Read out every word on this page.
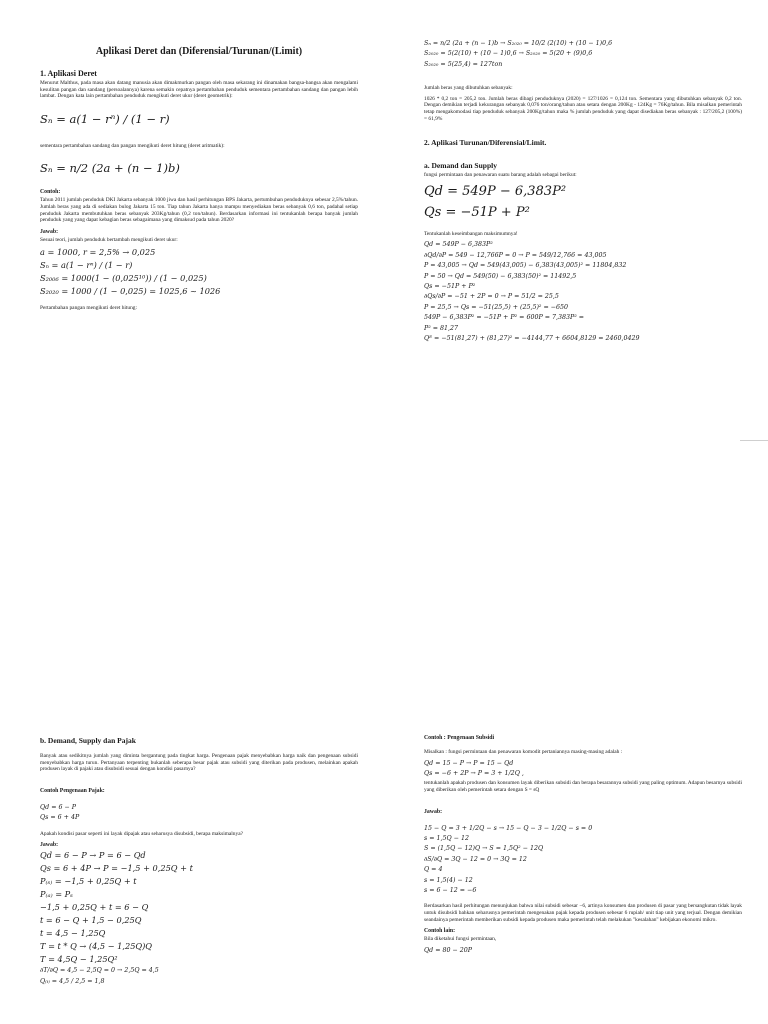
Aplikasi Deret dan (Diferensial/Turunan/(Limit)
1. Aplikasi Deret
Menurut Malthus, pada masa akan datang manusia akan dimakmurkan pangan oleh masa sekarang ini dinamakan bangsa-bangsa akan mengalami kesulitan pangan dan sandang (persoalannya) karena semakin cepatnya pertambahan penduduk sementara pertambahan sandang dan pangan lebih lambat. Dengan kata lain pertambahan penduduk mengikuti deret ukur (deret geometrik):
Sₙ = a(1 − rⁿ) / (1 − r)
sementara pertambahan sandang dan pangan mengikuti deret hitung (deret aritmatik):
Sₙ = n/2 (2a + (n − 1)b)
Contoh:
Tahun 2011 jumlah penduduk DKI Jakarta sebanyak 1000 jiwa dan hasil perhitungan BPS Jakarta, pertumbuhan penduduknya sebesar 2,5%/tahun. Jumlah beras yang ada di sediakan bulog Jakarta 15 ton. Tiap tahun Jakarta hanya mampu menyediakan beras sebanyak 0,6 ton, padahal setiap penduduk Jakarta membutuhkan beras sebanyak 203Kg/tahun (0,2 ton/tahun). Berdasarkan informasi ini tentukanlah berapa banyak jumlah penduduk yang yang dapat kebagian beras sebagaimana yang dimaksud pada tahun 2020?
Jawab:
Sesuai teori, jumlah penduduk bertambah mengikuti deret ukur:
a = 1000, r = 2,5% → 0,025
Sₙ = a(1 − rⁿ) / (1 − r)
S₂₀₀₆ = 1000(1 − (0,025¹⁰)) / (1 − 0,025)
S₂₀₂₀ = 1000 / (1 − 0,025) = 1025,6 ~ 1026
Pertambahan pangan mengikuti deret hitung:
Sₙ = n/2 (2a + (n − 1)b → S₂₀₂₀ = 10/2 (2(10) + (10 − 1)0,6
S₂₀₂₀ = 5(2(10) + (10 − 1)0,6 → S₂₀₂₀ = 5(20 + (9)0,6
S₂₀₂₀ = 5(25,4) = 127ton
Jumlah beras yang dibutuhkan sebanyak:
1026 * 0,2 ton = 205,2 ton. Jumlah beras dibagi penduduknya (2020) = 127/1026 = 0,124 ton. Sementara yang dibutuhkan sebanyak 0,2 ton. Dengan demikian terjadi kekurangan sebanyak 0,076 ton/orang/tahun atau setara dengan 200Kg - 124Kg = 76Kg/tahun. Bila misalkan pemerintah tetap mengakomodasi tiap penduduk sebanyak 200Kg/tahun maka % jumlah penduduk yang dapat disediakan beras sebanyak : 127/205,2 (100%) = 61,9%
2. Aplikasi Turunan/Diferensial/Limit.
a. Demand dan Supply
fungsi permintaan dan penawaran suatu barang adalah sebagai berikut:
Qd = 549P − 6,383P²
Qs = −51P + P²
Tentukanlah keseimbangan maksimumnya!
Qd = 549P − 6,383P²
∂Qd/∂P = 549 − 12,766P = 0 → P = 549/12,766 = 43,005
P = 43,005 → Qd = 549(43,005) − 6,383(43,005)² = 11804,832
P = 50 → Qd = 549(50) − 6,383(50)² = 11492,5
Qs = −51P + P²
∂Qs/∂P = −51 + 2P = 0 → P = 51/2 = 25,5
P = 25,5 → Qs = −51(25,5) + (25,5)² = −650
549P − 6,383P² = −51P + P² = 600P = 7,383P² =
P² = 81,27
Qᴱ = −51(81,27) + (81,27)² = −4144,77 + 6604,8129 = 2460,0429
b. Demand, Supply dan Pajak
Banyak atau sedikitnya jumlah yang diminta bergantung pada tingkat harga. Pengenaan pajak menyebabkan harga naik dan pengenaan subsidi menyebabkan harga turun. Pertanyaan terpenting bukanlah seberapa besar pajak atau subsidi yang diterikan pada produsen, melainkan apakah produsen layak di pajaki atau disubsidi sesuai dengan kondisi pasarnya?
Contoh Pengenaan Pajak:
Qd = 6 − P
Qs = 6 + 4P
Apakah kondisi pasar seperti ini layak dipajak atau seharusya disubsidi, berapa maksimalnya?
Jawab:
Qd = 6 − P → P = 6 − Qd
Qs = 6 + 4P → P = −1,5 + 0,25Q + t
P₍ₛ₎ = −1,5 + 0,25Q + t
P₍ₐ₎ = Pₛ
−1,5 + 0,25Q + t = 6 − Q
t = 6 − Q + 1,5 − 0,25Q
t = 4,5 − 1,25Q
T = t * Q → (4,5 − 1,25Q)Q
T = 4,5Q − 1,25Q²
∂T/∂Q = 4,5 − 2,5Q = 0 → 2,5Q = 4,5
Q₍ₜ₎ = 4,5 / 2,5 = 1,8
Contoh : Pengenaan Subsidi
Misalkan : fungsi permintaan dan penawaran komodit pertaniannya masing-masing adalah :
Qd = 15 − P → P = 15 − Qd
Qs = −6 + 2P → P = 3 + 1/2Q ,
tentukanlah apakah produsen dan konsumen layak diberikan subsidi dan berapa besarannya subsidi yang paling optimum. Adapun besarnya subsidi yang diberikan oleh pemerintah setara dengan S = sQ
Jawab:
15 − Q = 3 + 1/2Q − s → 15 − Q − 3 − 1/2Q − s = 0
s = 1,5Q − 12
S = (1,5Q − 12)Q → S = 1,5Q² − 12Q
∂S/∂Q = 3Q − 12 = 0 → 3Q = 12
Q = 4
s = 1,5(4) − 12
s = 6 − 12 = −6
Berdasarkan hasil perhitungan menunjukan bahwa nilai subsidi sebesar −6, artinya konsumen dan produsen di pasar yang bersangkutan tidak layak untuk disubsidi bahkan seharusnya pemerintah mengenakan pajak kepada produsen sebesar 6 rupiah/ unit tiap unit yang terjual. Dengan demikian seandainya pemerintah memberikan subsidi kepada produsen maka pemerintah telah melakukan "kesalahan" kebijakan ekonomi mikro.
Contoh lain:
Bila diketahui fungsi permintaan,
Qd = 80 − 20P
